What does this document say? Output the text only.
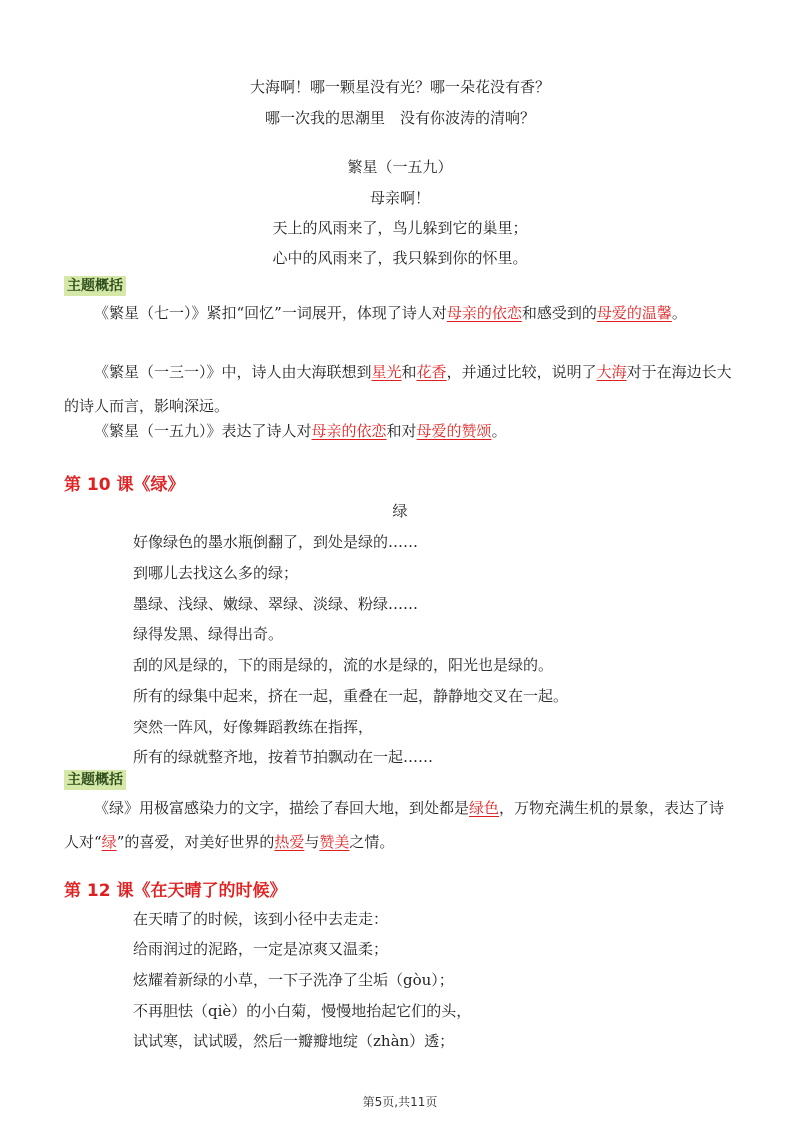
大海啊！哪一颗星没有光？哪一朵花没有香？
哪一次我的思潮里　没有你波涛的清响？
繁星（一五九）
母亲啊！
天上的风雨来了，鸟儿躲到它的巢里；
心中的风雨来了，我只躲到你的怀里。
主题概括
《繁星（七一）》紧扣“回忆”一词展开，体现了诗人对母亲的依恋和感受到的母爱的温馨。
《繁星（一三一）》中，诗人由大海联想到星光和花香，并通过比较，说明了大海对于在海边长大的诗人而言，影响深远。
《繁星（一五九）》表达了诗人对母亲的依恋和对母爱的赞颂。
第 10 课《绿》
绿
好像绿色的墨水瓶倒翻了，到处是绿的……
到哪儿去找这么多的绿；
墨绿、浅绿、嫩绿、翠绿、淡绿、粉绿……
绿得发黑、绿得出奇。
刮的风是绿的，下的雨是绿的，流的水是绿的，阳光也是绿的。
所有的绿集中起来，挤在一起，重叠在一起，静静地交叉在一起。
突然一阵风，好像舞蹈教练在指挥，
所有的绿就整齐地，按着节拍飘动在一起……
主题概括
《绿》用极富感染力的文字，描绘了春回大地，到处都是绿色，万物充满生机的景象，表达了诗人对“绿”的喜爱，对美好世界的热爱与赞美之情。
第 12 课《在天晴了的时候》
在天晴了的时候，该到小径中去走走：
给雨润过的泥路，一定是凉爽又温柔；
炫耀着新绿的小草，一下子洗净了尘垢（gòu）；
不再胆怯（qiè）的小白菊，慢慢地抬起它们的头，
试试寒，试试暖，然后一瓣瓣地绽（zhàn）透；
第5页,共11页
